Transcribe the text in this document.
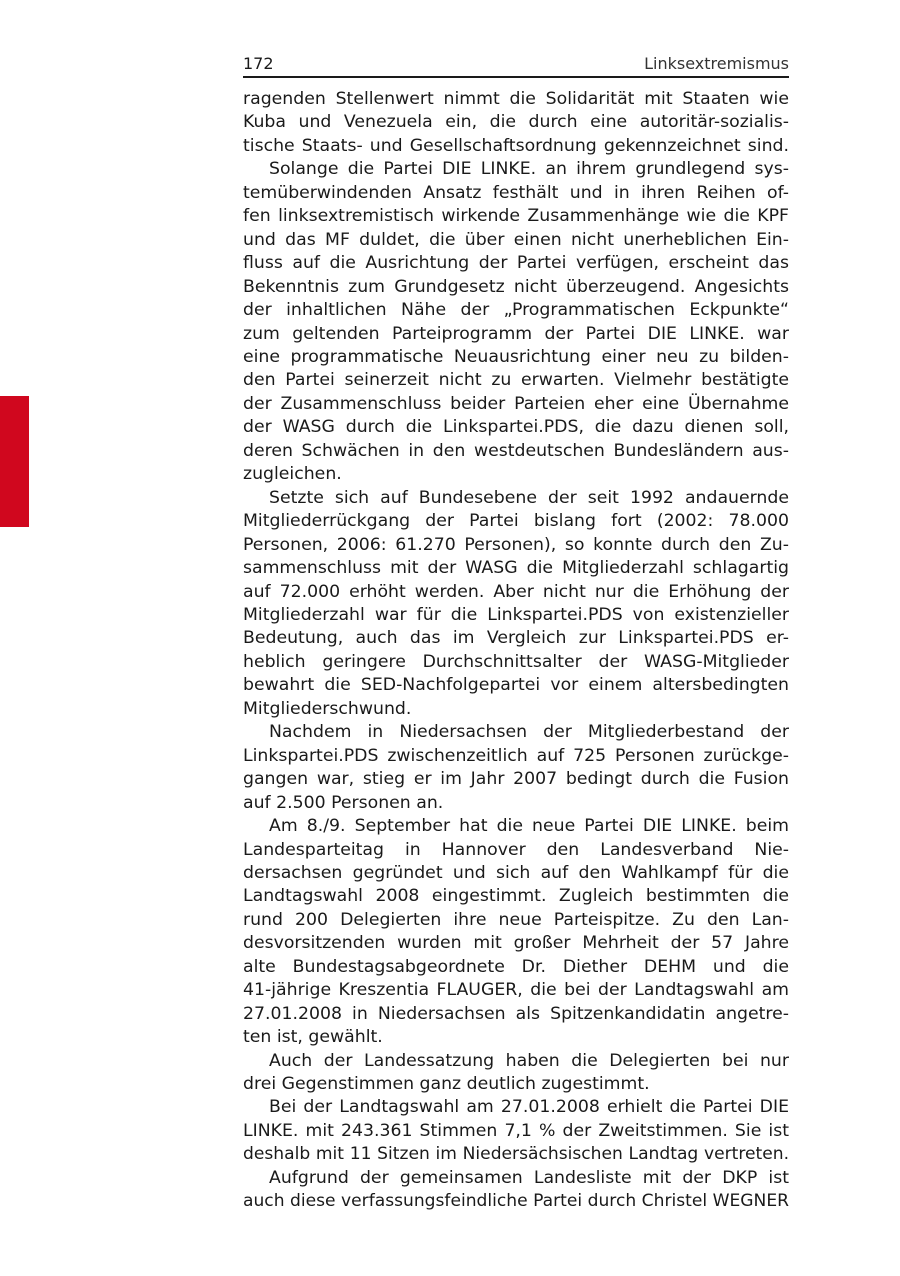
172	Linksextremismus
ragenden Stellenwert nimmt die Solidarität mit Staaten wie
Kuba und Venezuela ein, die durch eine autoritär-sozialis-
tische Staats- und Gesellschaftsordnung gekennzeichnet sind.
Solange die Partei DIE LINKE. an ihrem grundlegend sys-
temüberwindenden Ansatz festhält und in ihren Reihen of-
fen linksextremistisch wirkende Zusammenhänge wie die KPF
und das MF duldet, die über einen nicht unerheblichen Ein-
fluss auf die Ausrichtung der Partei verfügen, erscheint das
Bekenntnis zum Grundgesetz nicht überzeugend. Angesichts
der inhaltlichen Nähe der „Programmatischen Eckpunkte“
zum geltenden Parteiprogramm der Partei DIE LINKE. war
eine programmatische Neuausrichtung einer neu zu bilden-
den Partei seinerzeit nicht zu erwarten. Vielmehr bestätigte
der Zusammenschluss beider Parteien eher eine Übernahme
der WASG durch die Linkspartei.PDS, die dazu dienen soll,
deren Schwächen in den westdeutschen Bundesländern aus-
zugleichen.
Setzte sich auf Bundesebene der seit 1992 andauernde
Mitgliederrückgang der Partei bislang fort (2002: 78.000
Personen, 2006: 61.270 Personen), so konnte durch den Zu-
sammenschluss mit der WASG die Mitgliederzahl schlagartig
auf 72.000 erhöht werden. Aber nicht nur die Erhöhung der
Mitgliederzahl war für die Linkspartei.PDS von existenzieller
Bedeutung, auch das im Vergleich zur Linkspartei.PDS er-
heblich geringere Durchschnittsalter der WASG-Mitglieder
bewahrt die SED-Nachfolgepartei vor einem altersbedingten
Mitgliederschwund.
Nachdem in Niedersachsen der Mitgliederbestand der
Linkspartei.PDS zwischenzeitlich auf 725 Personen zurückge-
gangen war, stieg er im Jahr 2007 bedingt durch die Fusion
auf 2.500 Personen an.
Am 8./9. September hat die neue Partei DIE LINKE. beim
Landesparteitag in Hannover den Landesverband Nie-
dersachsen gegründet und sich auf den Wahlkampf für die
Landtagswahl 2008 eingestimmt. Zugleich bestimmten die
rund 200 Delegierten ihre neue Parteispitze. Zu den Lan-
desvorsitzenden wurden mit großer Mehrheit der 57 Jahre
alte Bundestagsabgeordnete Dr. Diether DEHM und die
41-jährige Kreszentia FLAUGER, die bei der Landtagswahl am
27.01.2008 in Niedersachsen als Spitzenkandidatin angetre-
ten ist, gewählt.
Auch der Landessatzung haben die Delegierten bei nur
drei Gegenstimmen ganz deutlich zugestimmt.
Bei der Landtagswahl am 27.01.2008 erhielt die Partei DIE
LINKE. mit 243.361 Stimmen 7,1 % der Zweitstimmen. Sie ist
deshalb mit 11 Sitzen im Niedersächsischen Landtag vertreten.
Aufgrund der gemeinsamen Landesliste mit der DKP ist
auch diese verfassungsfeindliche Partei durch Christel WEGNER
